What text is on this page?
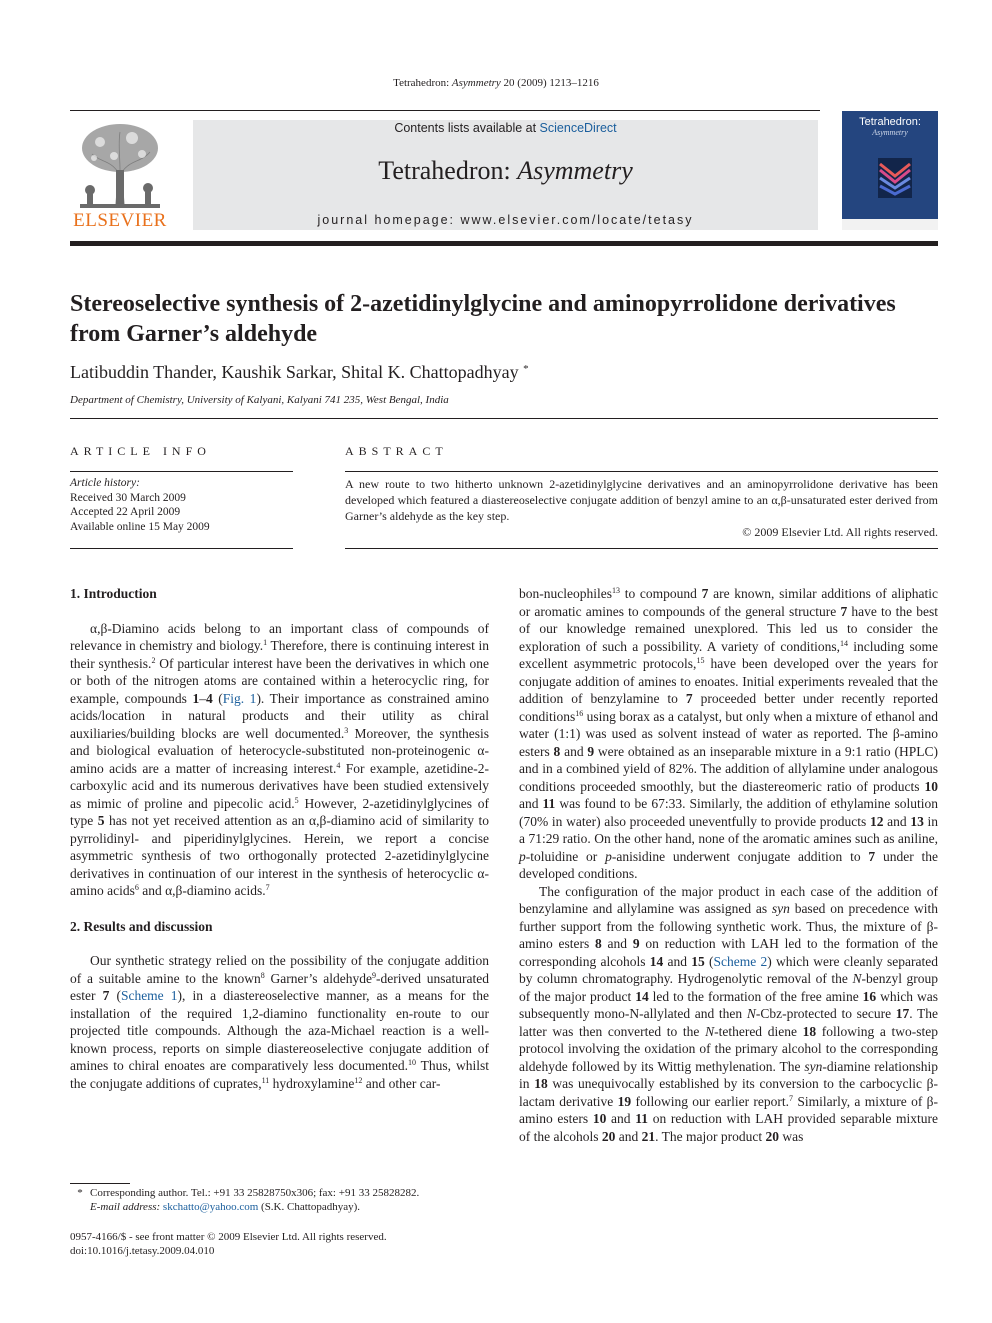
Tetrahedron: Asymmetry 20 (2009) 1213–1216
ELSEVIER
Contents lists available at ScienceDirect
Tetrahedron: Asymmetry
journal homepage: www.elsevier.com/locate/tetasy
Tetrahedron:
Asymmetry
Stereoselective synthesis of 2-azetidinylglycine and aminopyrrolidone derivatives from Garner’s aldehyde
Latibuddin Thander, Kaushik Sarkar, Shital K. Chattopadhyay *
Department of Chemistry, University of Kalyani, Kalyani 741 235, West Bengal, India
ARTICLE INFO
Article history:
Received 30 March 2009
Accepted 22 April 2009
Available online 15 May 2009
ABSTRACT
A new route to two hitherto unknown 2-azetidinylglycine derivatives and an aminopyrrolidone derivative has been developed which featured a diastereoselective conjugate addition of benzyl amine to an α,β-unsaturated ester derived from Garner’s aldehyde as the key step.
© 2009 Elsevier Ltd. All rights reserved.
1. Introduction

α,β-Diamino acids belong to an important class of compounds of relevance in chemistry and biology.$^1$ Therefore, there is continuing interest in their synthesis.$^2$ Of particular interest have been the derivatives in which one or both of the nitrogen atoms are contained within a heterocyclic ring, for example, compounds 1–4 (Fig. 1). Their importance as constrained amino acids/location in natural products and their utility as chiral auxiliaries/building blocks are well documented.$^3$ Moreover, the synthesis and biological evaluation of heterocycle-substituted non-proteinogenic α-amino acids are a matter of increasing interest.$^4$ For example, azetidine-2-carboxylic acid and its numerous derivatives have been studied extensively as mimic of proline and pipecolic acid.$^5$ However, 2-azetidinylglycines of type 5 has not yet received attention as an α,β-diamino acid of similarity to pyrrolidinyl- and piperidinylglycines. Herein, we report a concise asymmetric synthesis of two orthogonally protected 2-azetidinylglycine derivatives in continuation of our interest in the synthesis of heterocyclic α-amino acids$^6$ and α,β-diamino acids.$^7$

2. Results and discussion

Our synthetic strategy relied on the possibility of the conjugate addition of a suitable amine to the known$^8$ Garner’s aldehyde$^9$-derived unsaturated ester 7 (Scheme 1), in a diastereoselective manner, as a means for the installation of the required 1,2-diamino functionality en-route to our projected title compounds. Although the aza-Michael reaction is a well-known process, reports on simple diastereoselective conjugate addition of amines to chiral enoates are comparatively less documented.$^{10}$ Thus, whilst the conjugate additions of cuprates,$^{11}$ hydroxylamine$^{12}$ and other car-

* Corresponding author. Tel.: +91 33 25828750x306; fax: +91 33 25828282.
E-mail address: skchatto@yahoo.com (S.K. Chattopadhyay).
0957-4166/$ - see front matter © 2009 Elsevier Ltd. All rights reserved.
doi:10.1016/j.tetasy.2009.04.010

bon-nucleophiles$^{13}$ to compound 7 are known, similar additions of aliphatic or aromatic amines to compounds of the general structure 7 have to the best of our knowledge remained unexplored. This led us to consider the exploration of such a possibility. A variety of conditions,$^{14}$ including some excellent asymmetric protocols,$^{15}$ have been developed over the years for conjugate addition of amines to enoates. Initial experiments revealed that the addition of benzylamine to 7 proceeded better under recently reported conditions$^{16}$ using borax as a catalyst, but only when a mixture of ethanol and water (1:1) was used as solvent instead of water as reported. The β-amino esters 8 and 9 were obtained as an inseparable mixture in a 9:1 ratio (HPLC) and in a combined yield of 82%. The addition of allylamine under analogous conditions proceeded smoothly, but the diastereomeric ratio of products 10 and 11 was found to be 67:33. Similarly, the addition of ethylamine solution (70% in water) also proceeded uneventfully to provide products 12 and 13 in a 71:29 ratio. On the other hand, none of the aromatic amines such as aniline, p-toluidine or p-anisidine underwent conjugate addition to 7 under the developed conditions.

The configuration of the major product in each case of the addition of benzylamine and allylamine was assigned as syn based on precedence with further support from the following synthetic work. Thus, the mixture of β-amino esters 8 and 9 on reduction with LAH led to the formation of the corresponding alcohols 14 and 15 (Scheme 2) which were cleanly separated by column chromatography. Hydrogenolytic removal of the N-benzyl group of the major product 14 led to the formation of the free amine 16 which was subsequently mono-N-allylated and then N-Cbz-protected to secure 17. The latter was then converted to the N-tethered diene 18 following a two-step protocol involving the oxidation of the primary alcohol to the corresponding aldehyde followed by its Wittig methylenation. The syn-diamine relationship in 18 was unequivocally established by its conversion to the carbocyclic β-lactam derivative 19 following our earlier report.$^7$ Similarly, a mixture of β-amino esters 10 and 11 on reduction with LAH provided separable mixture of the alcohols 20 and 21. The major product 20 was
